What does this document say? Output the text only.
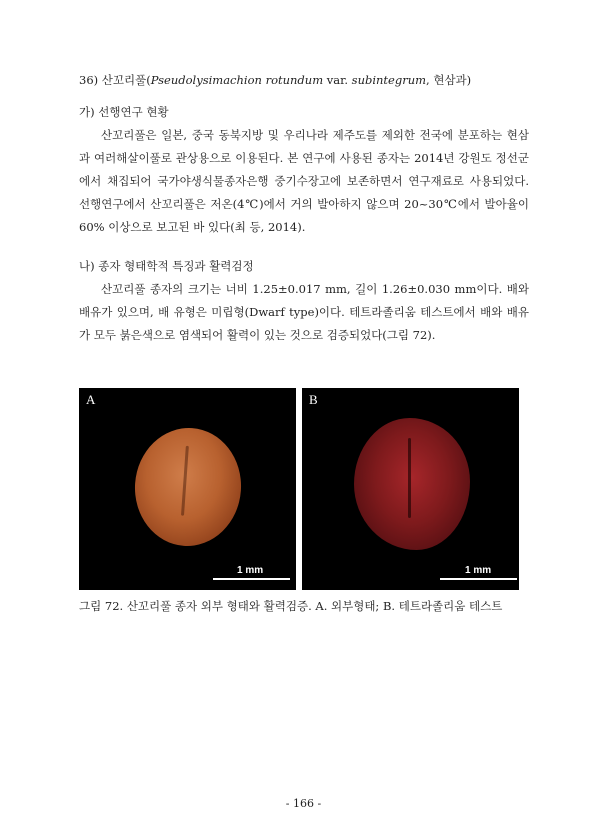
36) 산꼬리풀(Pseudolysimachion rotundum var. subintegrum, 현삼과)
가) 선행연구 현황
산꼬리풀은 일본, 중국 동북지방 및 우리나라 제주도를 제외한 전국에 분포하는 현삼과 여러해살이풀로 관상용으로 이용된다. 본 연구에 사용된 종자는 2014년 강원도 정선군에서 채집되어 국가야생식물종자은행 중기수장고에 보존하면서 연구재료로 사용되었다. 선행연구에서 산꼬리풀은 저온(4℃)에서 거의 발아하지 않으며 20~30℃에서 발아율이 60% 이상으로 보고된 바 있다(최 등, 2014).
나) 종자 형태학적 특징과 활력검정
산꼬리풀 종자의 크기는 너비 1.25±0.017 mm, 길이 1.26±0.030 mm이다. 배와 배유가 있으며, 배 유형은 미립형(Dwarf type)이다. 테트라졸리움 테스트에서 배와 배유가 모두 붉은색으로 염색되어 활력이 있는 것으로 검증되었다(그림 72).
A
1 mm
B
1 mm
그림 72. 산꼬리풀 종자 외부 형태와 활력검증. A. 외부형태; B. 테트라졸리움 테스트
- 166 -
